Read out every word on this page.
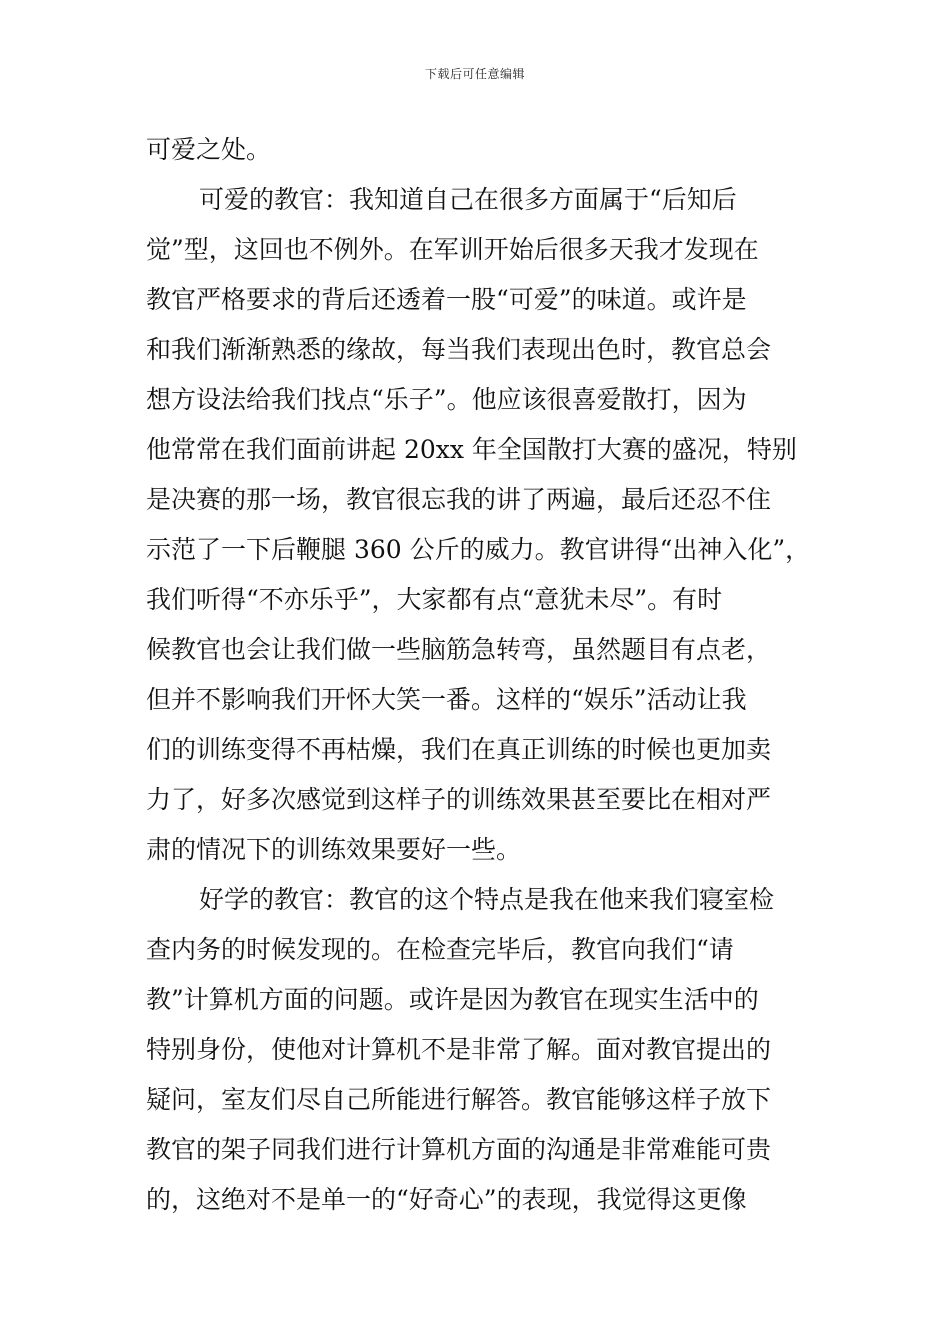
下载后可任意编辑
可爱之处。
可爱的教官：我知道自己在很多方面属于“后知后
觉”型，这回也不例外。在军训开始后很多天我才发现在
教官严格要求的背后还透着一股“可爱”的味道。或许是
和我们渐渐熟悉的缘故，每当我们表现出色时，教官总会
想方设法给我们找点“乐子”。他应该很喜爱散打，因为
他常常在我们面前讲起 20xx 年全国散打大赛的盛况，特别
是决赛的那一场，教官很忘我的讲了两遍，最后还忍不住
示范了一下后鞭腿 360 公斤的威力。教官讲得“出神入化”，
我们听得“不亦乐乎”，大家都有点“意犹未尽”。有时
候教官也会让我们做一些脑筋急转弯，虽然题目有点老，
但并不影响我们开怀大笑一番。这样的“娱乐”活动让我
们的训练变得不再枯燥，我们在真正训练的时候也更加卖
力了，好多次感觉到这样子的训练效果甚至要比在相对严
肃的情况下的训练效果要好一些。
好学的教官：教官的这个特点是我在他来我们寝室检
查内务的时候发现的。在检查完毕后，教官向我们“请
教”计算机方面的问题。或许是因为教官在现实生活中的
特别身份，使他对计算机不是非常了解。面对教官提出的
疑问，室友们尽自己所能进行解答。教官能够这样子放下
教官的架子同我们进行计算机方面的沟通是非常难能可贵
的，这绝对不是单一的“好奇心”的表现，我觉得这更像
